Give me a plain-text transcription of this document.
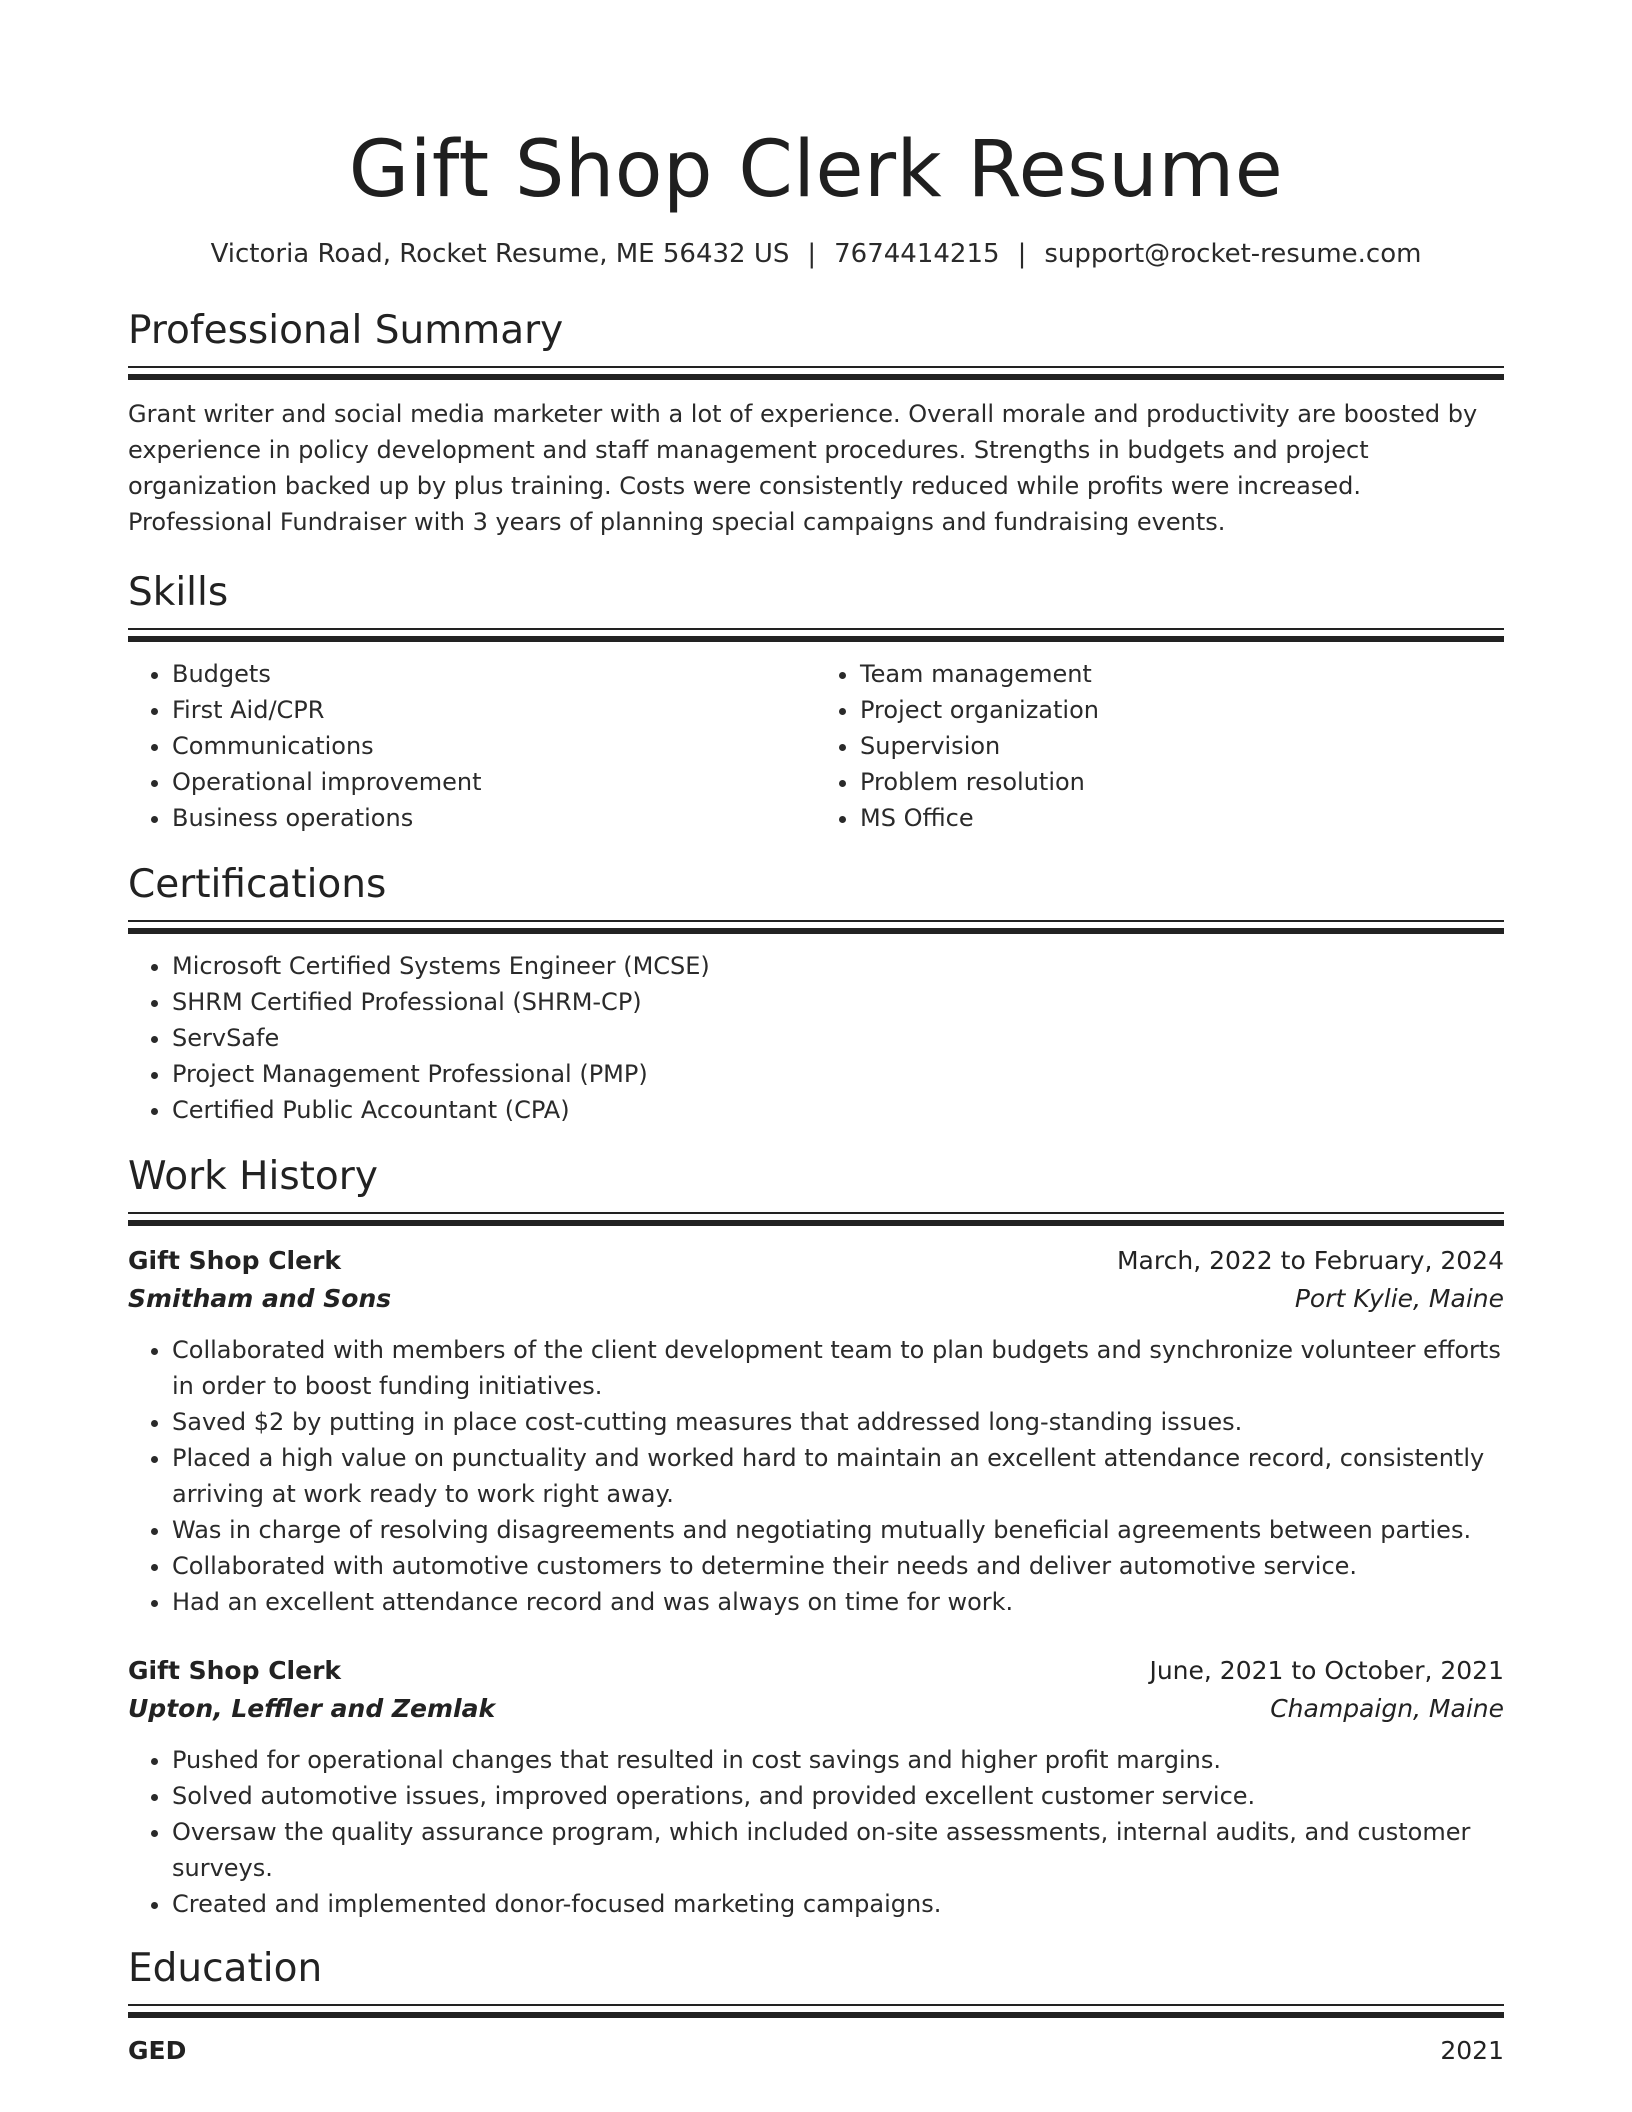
Gift Shop Clerk Resume
Victoria Road, Rocket Resume, ME 56432 US | 7674414215 | support@rocket-resume.com
Professional Summary

Grant writer and social media marketer with a lot of experience. Overall morale and productivity are boosted by experience in policy development and staff management procedures. Strengths in budgets and project organization backed up by plus training. Costs were consistently reduced while profits were increased. Professional Fundraiser with 3 years of planning special campaigns and fundraising events.

Skills
• Budgets
• First Aid/CPR
• Communications
• Operational improvement
• Business operations
• Team management
• Project organization
• Supervision
• Problem resolution
• MS Office
Certifications
• Microsoft Certified Systems Engineer (MCSE)
• SHRM Certified Professional (SHRM-CP)
• ServSafe
• Project Management Professional (PMP)
• Certified Public Accountant (CPA)
Work History
Gift Shop Clerk	March, 2022 to February, 2024
Smitham and Sons	Port Kylie, Maine
• Collaborated with members of the client development team to plan budgets and synchronize volunteer efforts in order to boost funding initiatives.
• Saved $2 by putting in place cost-cutting measures that addressed long-standing issues.
• Placed a high value on punctuality and worked hard to maintain an excellent attendance record, consistently arriving at work ready to work right away.
• Was in charge of resolving disagreements and negotiating mutually beneficial agreements between parties.
• Collaborated with automotive customers to determine their needs and deliver automotive service.
• Had an excellent attendance record and was always on time for work.
Gift Shop Clerk	June, 2021 to October, 2021
Upton, Leffler and Zemlak	Champaign, Maine
• Pushed for operational changes that resulted in cost savings and higher profit margins.
• Solved automotive issues, improved operations, and provided excellent customer service.
• Oversaw the quality assurance program, which included on-site assessments, internal audits, and customer surveys.
• Created and implemented donor-focused marketing campaigns.
Education
GED	2021
